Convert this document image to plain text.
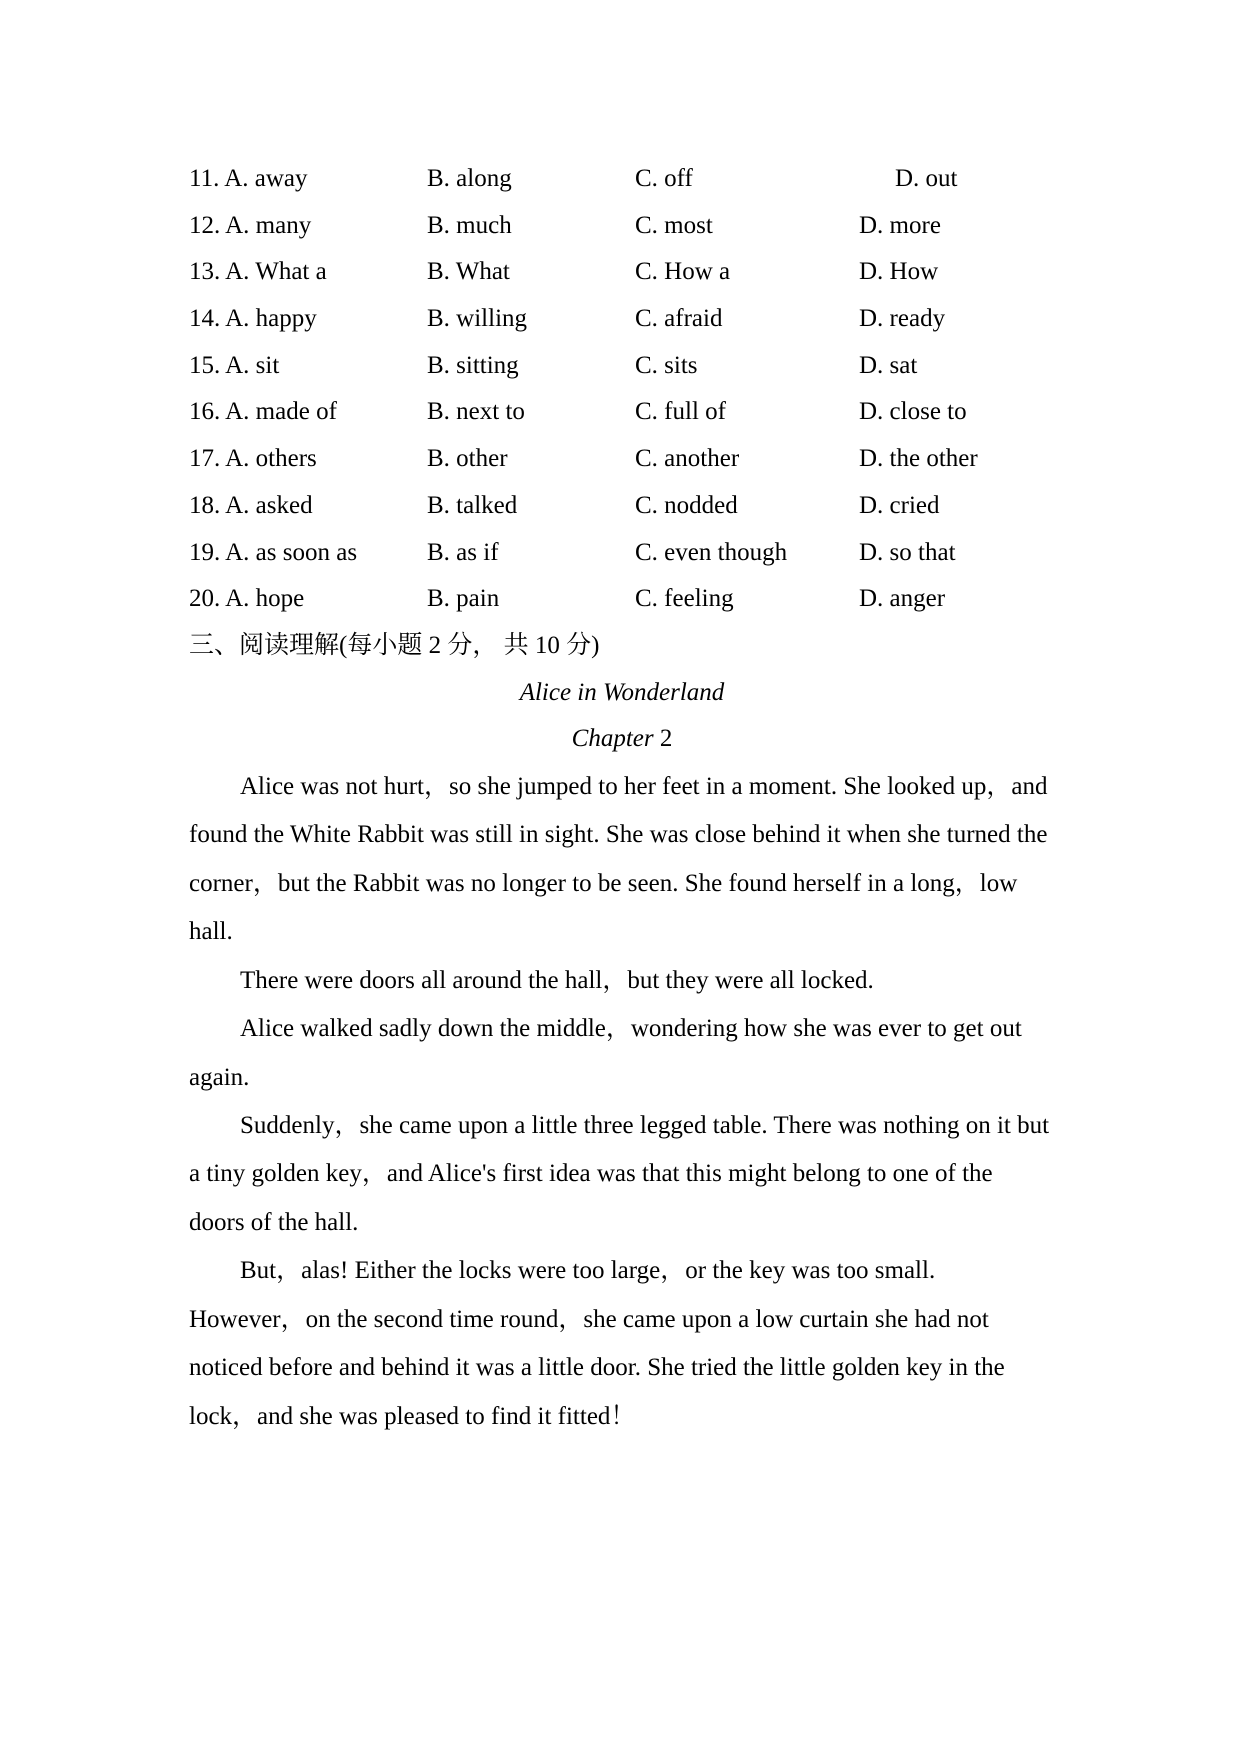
11. A. away	B. along	C. off	D. out
12. A. many	B. much	C. most	D. more
13. A. What a	B. What	C. How a	D. How
14. A. happy	B. willing	C. afraid	D. ready
15. A. sit	B. sitting	C. sits	D. sat
16. A. made of	B. next to	C. full of	D. close to
17. A. others	B. other	C. another	D. the other
18. A. asked	B. talked	C. nodded	D. cried
19. A. as soon as	B. as if	C. even though	D. so that
20. A. hope	B. pain	C. feeling	D. anger
三、阅读理解(每小题 2 分， 共 10 分)
Alice in Wonderland
Chapter 2
Alice was not hurt，so she jumped to her feet in a moment. She looked up，and
found the White Rabbit was still in sight. She was close behind it when she turned the
corner，but the Rabbit was no longer to be seen. She found herself in a long，low
hall.
There were doors all around the hall，but they were all locked.
Alice walked sadly down the middle，wondering how she was ever to get out
again.
Suddenly，she came upon a little three legged table. There was nothing on it but
a tiny golden key，and Alice's first idea was that this might belong to one of the
doors of the hall.
But，alas! Either the locks were too large，or the key was too small.
However，on the second time round，she came upon a low curtain she had not
noticed before and behind it was a little door. She tried the little golden key in the
lock，and she was pleased to find it fitted！
